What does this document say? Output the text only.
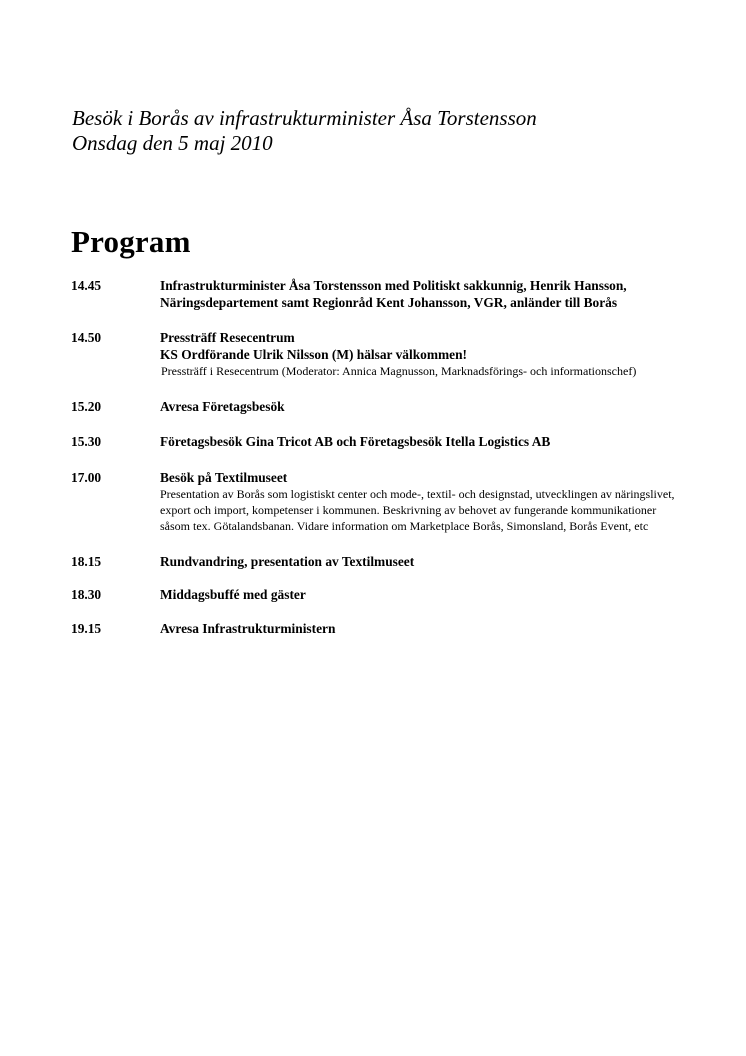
Besök i Borås av infrastrukturminister Åsa Torstensson
Onsdag den 5 maj 2010
Program
14.45	Infrastrukturminister Åsa Torstensson med Politiskt sakkunnig, Henrik Hansson, Näringsdepartement samt Regionråd Kent Johansson, VGR, anländer till Borås

14.50	Pressträff Resecentrum

KS Ordförande Ulrik Nilsson (M) hälsar välkommen!

Pressträff i Resecentrum (Moderator: Annica Magnusson, Marknadsförings- och informationschef)

15.20	Avresa Företagsbesök

15.30	Företagsbesök Gina Tricot AB och Företagsbesök Itella Logistics AB

17.00	Besök på Textilmuseet

Presentation av Borås som logistiskt center och mode-, textil- och designstad, utvecklingen av näringslivet, export och import, kompetenser i kommunen. Beskrivning av behovet av fungerande kommunikationer såsom tex. Götalandsbanan. Vidare information om Marketplace Borås, Simonsland, Borås Event, etc

18.15	Rundvandring, presentation av Textilmuseet

18.30	Middagsbuffé med gäster

19.15	Avresa Infrastrukturministern
